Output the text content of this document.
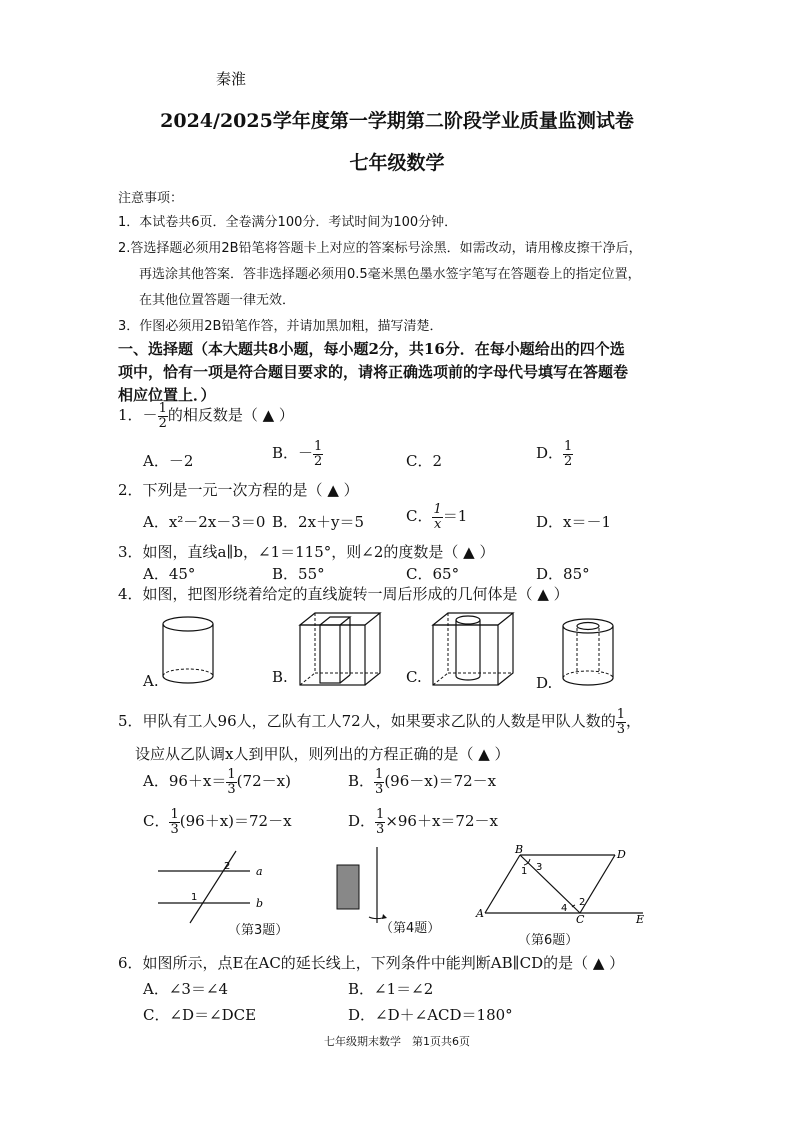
秦淮
2024/2025学年度第一学期第二阶段学业质量监测试卷
七年级数学
注意事项：
1．本试卷共6页．全卷满分100分．考试时间为100分钟．
2.答选择题必须用2B铅笔将答题卡上对应的答案标号涂黑．如需改动，请用橡皮擦干净后，
再选涂其他答案．答非选择题必须用0.5毫米黑色墨水签字笔写在答题卷上的指定位置，
在其他位置答题一律无效．
3．作图必须用2B铅笔作答，并请加黑加粗，描写清楚．
一、选择题（本大题共8小题，每小题2分，共16分．在每小题给出的四个选
项中，恰有一项是符合题目要求的，请将正确选项前的字母代号填写在答题卷
相应位置上．）
1．－ $\frac{1}{2}$ 的相反数是（ ▲ ）
A．－2	B．－ $\frac{1}{2}$	C．2	D． $\frac{1}{2}$
2．下列是一元一次方程的是（ ▲ ）
A．x²－2x－3＝0 B．2x＋y＝5	C． $\frac{1}{x} =1$	D．x＝－1
3．如图，直线a∥b，∠1＝115°，则∠2的度数是（ ▲ ）
A．45°	B．55°	C．65°	D．85°
4．如图，把图形绕着给定的直线旋转一周后形成的几何体是（ ▲ ）
A.	B.	C.	D.
5．甲队有工人96人，乙队有工人72人，如果要求乙队的人数是甲队人数的 $\frac{1}{3}$ ，
设应从乙队调x人到甲队，则列出的方程正确的是（ ▲ ）
A．$96+x= \frac{1}{3} (72-x)$	B． $\frac{1}{3} (96-x)=72-x$
C． $\frac{1}{3} (96+x)=72-x$	D． $\frac{1}{3} \times 96+x=72-x$
a
b
2
1
（第3题）	（第4题）
B	D
A	C	E
1 3
2
4
（第6题）
6．如图所示，点E在AC的延长线上，下列条件中能判断AB∥CD的是（ ▲ ）
A．∠3＝∠4	B．∠1＝∠2
C．∠D＝∠DCE	D．∠D＋∠ACD＝180°
七年级期末数学　第1页共6页
